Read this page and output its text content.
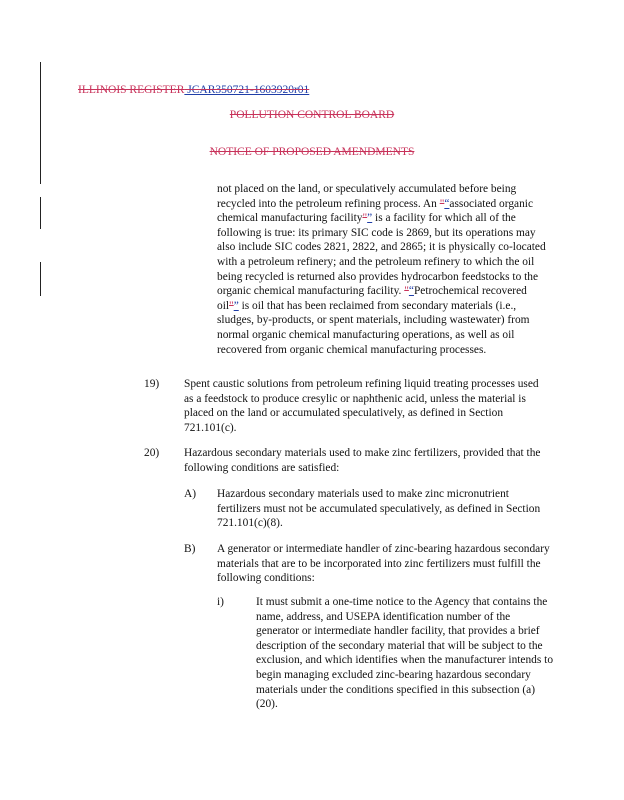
ILLINOIS REGISTER JCAR350721-1603920r01
POLLUTION CONTROL BOARD
NOTICE OF PROPOSED AMENDMENTS
not placed on the land, or speculatively accumulated before being recycled into the petroleum refining process. An "“associated organic chemical manufacturing facility"” is a facility for which all of the following is true: its primary SIC code is 2869, but its operations may also include SIC codes 2821, 2822, and 2865; it is physically co-located with a petroleum refinery; and the petroleum refinery to which the oil being recycled is returned also provides hydrocarbon feedstocks to the organic chemical manufacturing facility. "“Petrochemical recovered oil"” is oil that has been reclaimed from secondary materials (i.e., sludges, by-products, or spent materials, including wastewater) from normal organic chemical manufacturing operations, as well as oil recovered from organic chemical manufacturing processes.
19) Spent caustic solutions from petroleum refining liquid treating processes used as a feedstock to produce cresylic or naphthenic acid, unless the material is placed on the land or accumulated speculatively, as defined in Section 721.101(c).
20) Hazardous secondary materials used to make zinc fertilizers, provided that the following conditions are satisfied:
A) Hazardous secondary materials used to make zinc micronutrient fertilizers must not be accumulated speculatively, as defined in Section 721.101(c)(8).
B) A generator or intermediate handler of zinc-bearing hazardous secondary materials that are to be incorporated into zinc fertilizers must fulfill the following conditions:
i)	It must submit a one-time notice to the Agency that contains the name, address, and USEPA identification number of the generator or intermediate handler facility, that provides a brief description of the secondary material that will be subject to the exclusion, and which identifies when the manufacturer intends to begin managing excluded zinc-bearing hazardous secondary materials under the conditions specified in this subsection (a)(20).
